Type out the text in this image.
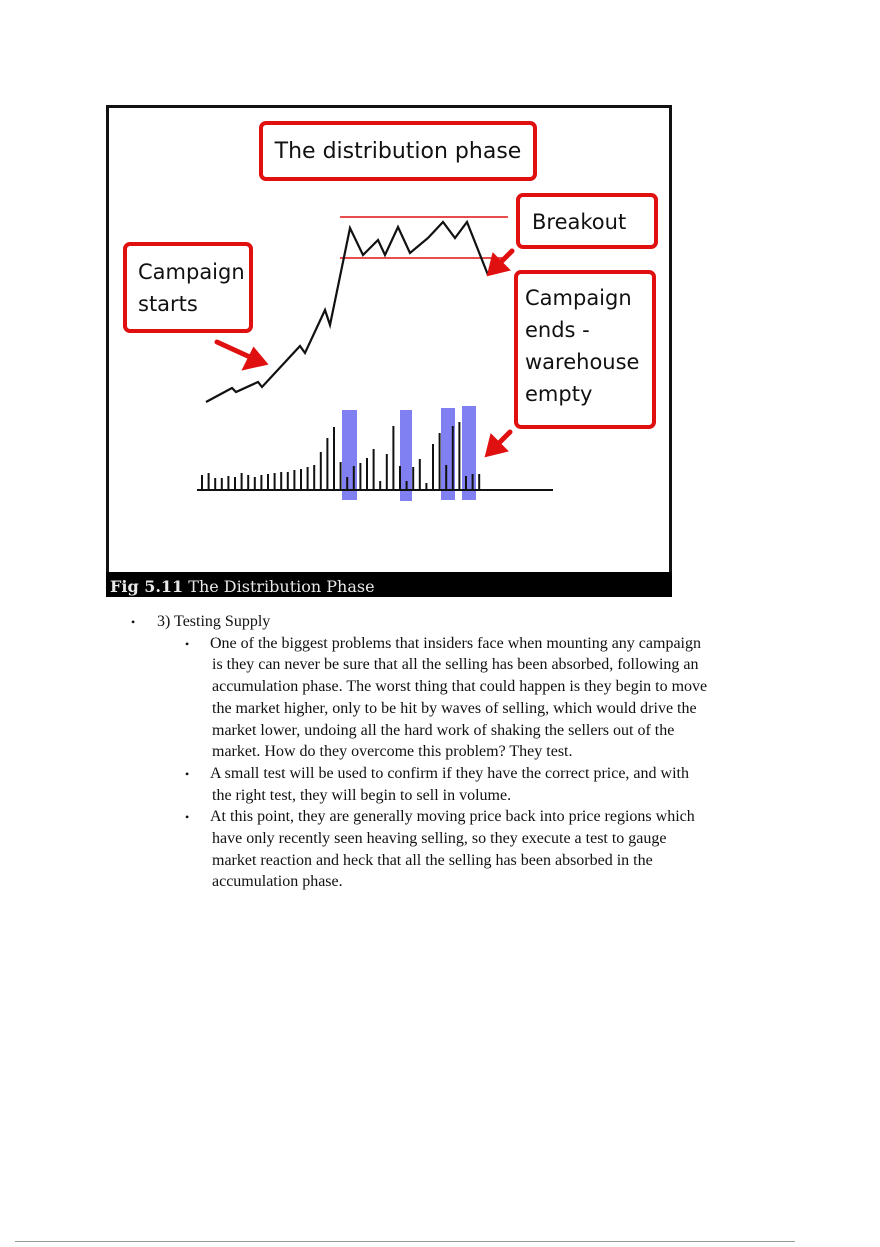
The distribution phase
Breakout
Campaign
starts	Campaign
ends -
warehouse
empty
Fig 5.11 The Distribution Phase
• 3) Testing Supply
• One of the biggest problems that insiders face when mounting any campaign
is they can never be sure that all the selling has been absorbed, following an
accumulation phase. The worst thing that could happen is they begin to move
the market higher, only to be hit by waves of selling, which would drive the
market lower, undoing all the hard work of shaking the sellers out of the
market. How do they overcome this problem? They test.
• A small test will be used to confirm if they have the correct price, and with
the right test, they will begin to sell in volume.
• At this point, they are generally moving price back into price regions which
have only recently seen heaving selling, so they execute a test to gauge
market reaction and heck that all the selling has been absorbed in the
accumulation phase.
